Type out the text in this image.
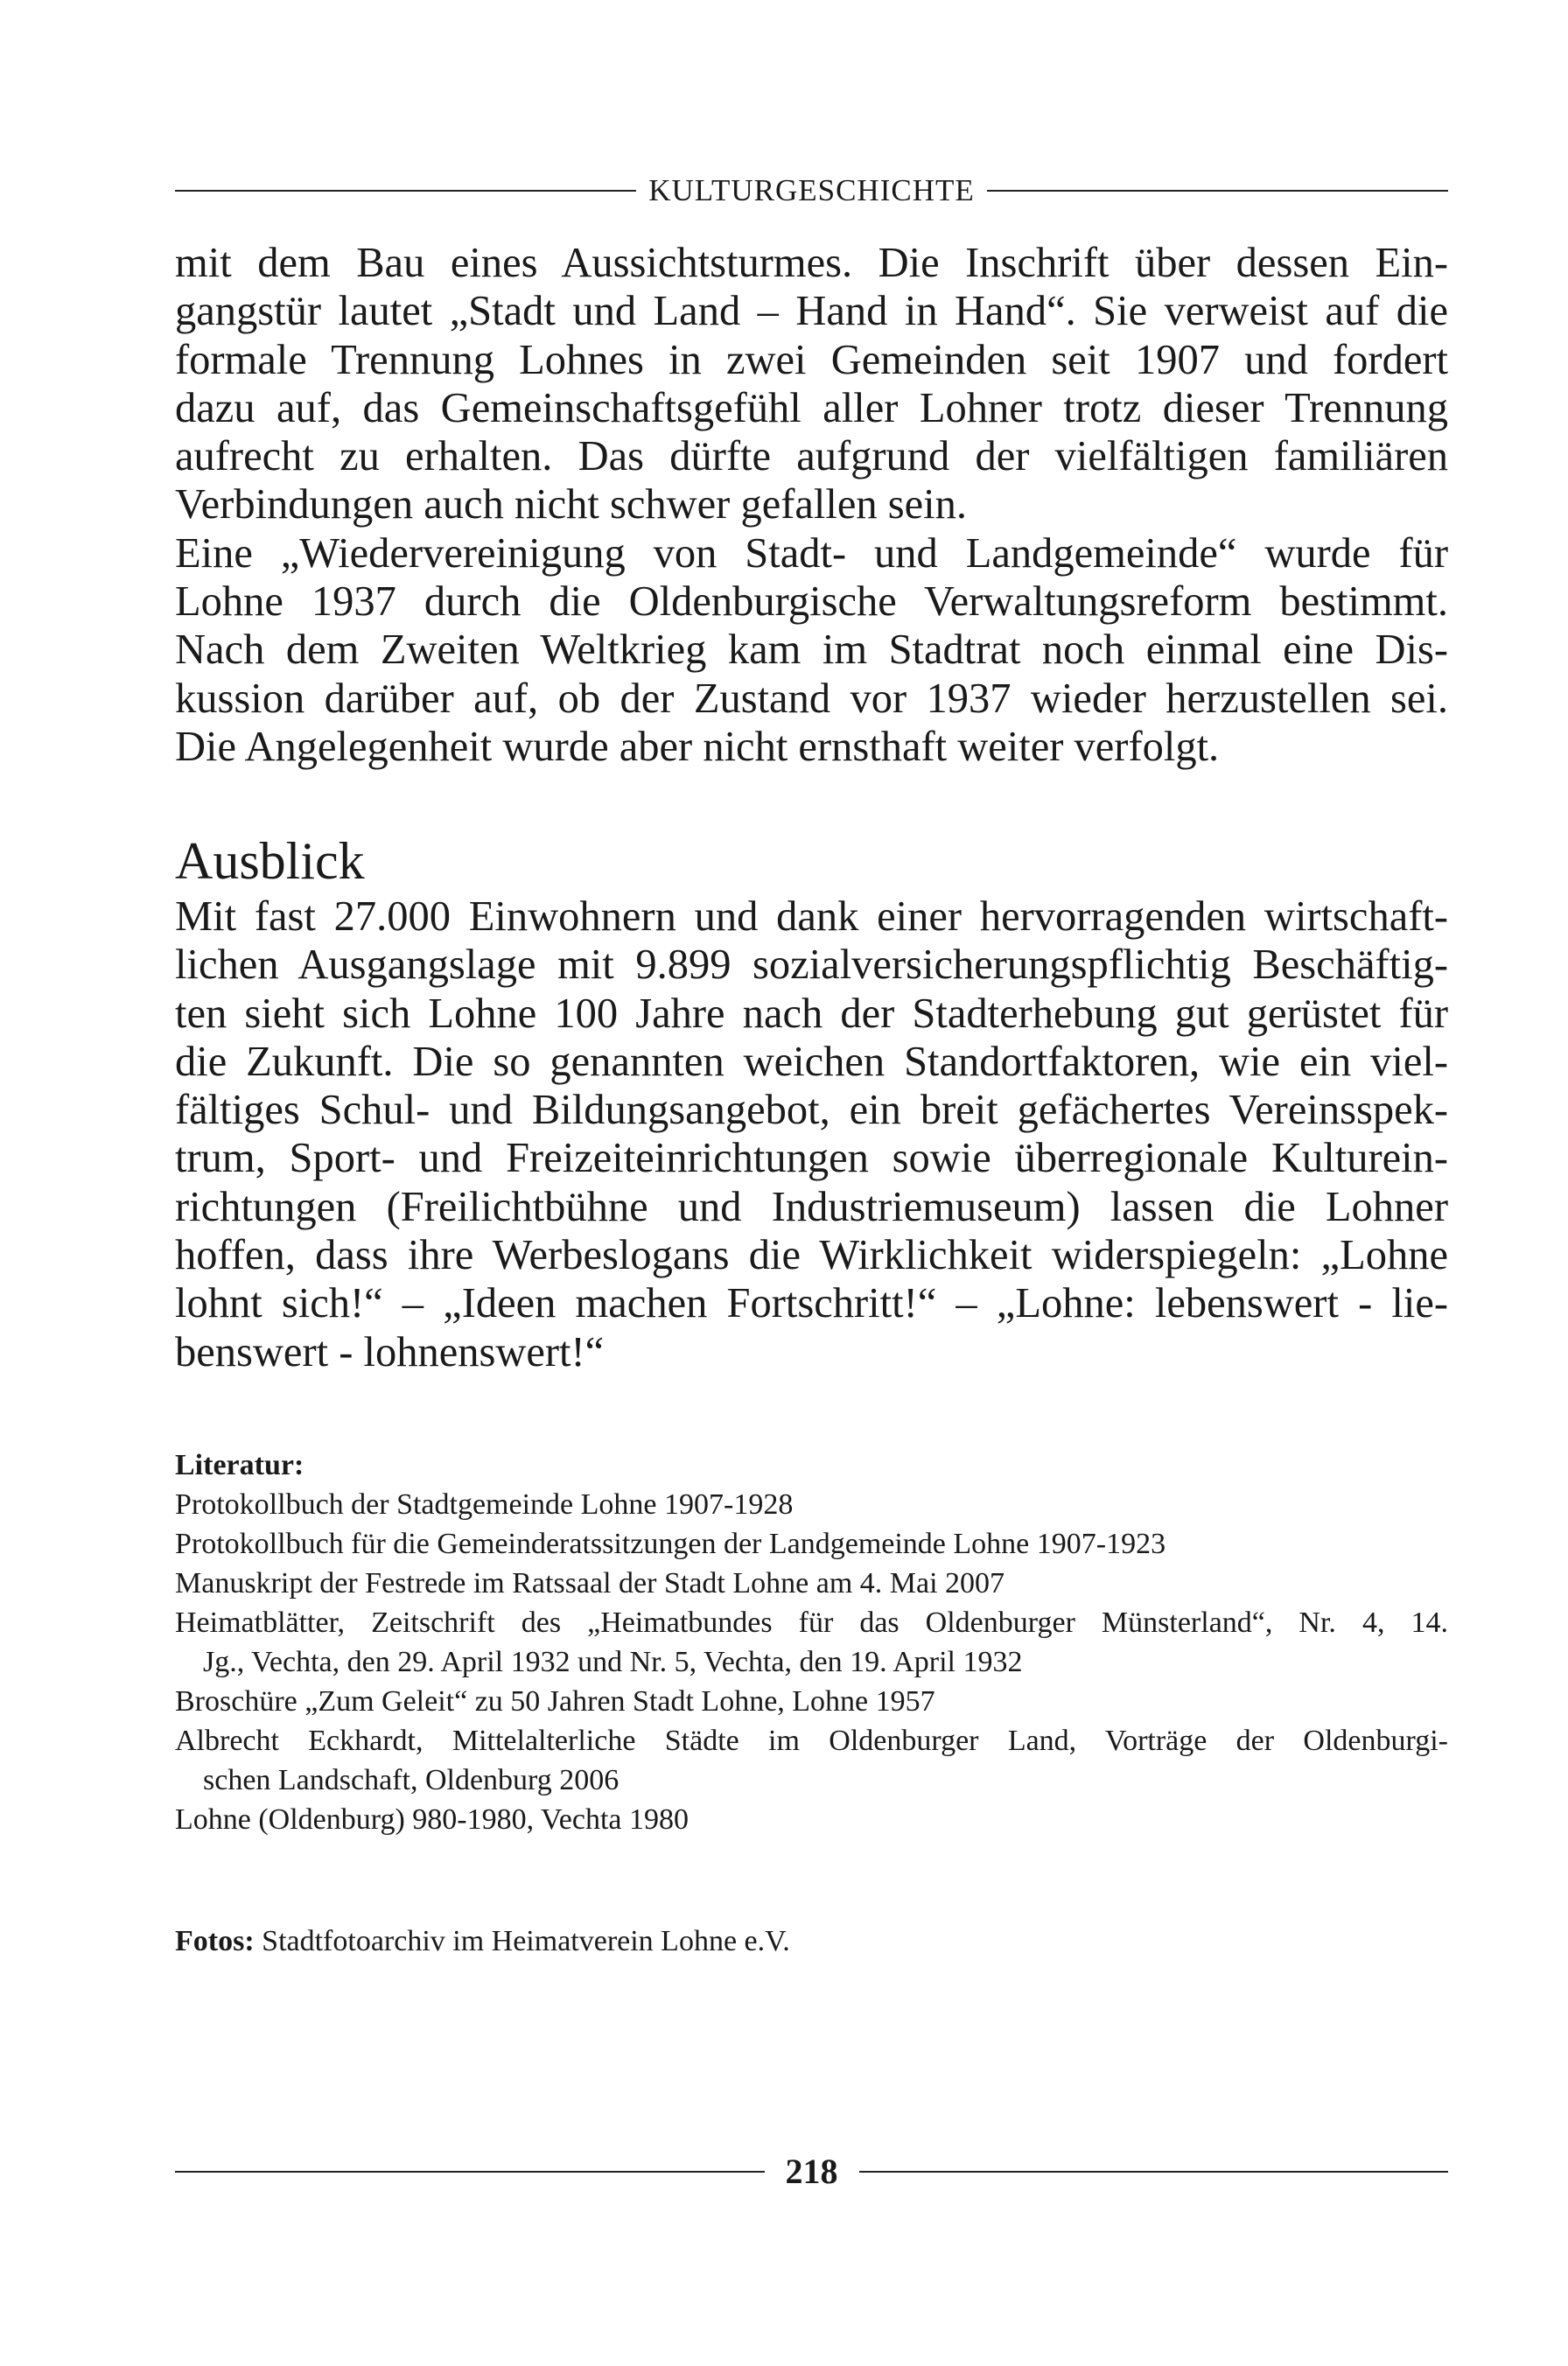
KULTURGESCHICHTE
mit dem Bau eines Aussichtsturmes. Die Inschrift über dessen Ein-
gangstür lautet „Stadt und Land – Hand in Hand“. Sie verweist auf die
formale Trennung Lohnes in zwei Gemeinden seit 1907 und fordert
dazu auf, das Gemeinschaftsgefühl aller Lohner trotz dieser Trennung
aufrecht zu erhalten. Das dürfte aufgrund der vielfältigen familiären
Verbindungen auch nicht schwer gefallen sein.
Eine „Wiedervereinigung von Stadt- und Landgemeinde“ wurde für
Lohne 1937 durch die Oldenburgische Verwaltungsreform bestimmt.
Nach dem Zweiten Weltkrieg kam im Stadtrat noch einmal eine Dis-
kussion darüber auf, ob der Zustand vor 1937 wieder herzustellen sei.
Die Angelegenheit wurde aber nicht ernsthaft weiter verfolgt.
Ausblick
Mit fast 27.000 Einwohnern und dank einer hervorragenden wirtschaft-
lichen Ausgangslage mit 9.899 sozialversicherungspflichtig Beschäftig-
ten sieht sich Lohne 100 Jahre nach der Stadterhebung gut gerüstet für
die Zukunft. Die so genannten weichen Standortfaktoren, wie ein viel-
fältiges Schul- und Bildungsangebot, ein breit gefächertes Vereinsspek-
trum, Sport- und Freizeiteinrichtungen sowie überregionale Kulturein-
richtungen (Freilichtbühne und Industriemuseum) lassen die Lohner
hoffen, dass ihre Werbeslogans die Wirklichkeit widerspiegeln: „Lohne
lohnt sich!“ – „Ideen machen Fortschritt!“ – „Lohne: lebenswert - lie-
benswert - lohnenswert!“
Literatur:
Protokollbuch der Stadtgemeinde Lohne 1907-1928
Protokollbuch für die Gemeinderatssitzungen der Landgemeinde Lohne 1907-1923
Manuskript der Festrede im Ratssaal der Stadt Lohne am 4. Mai 2007
Heimatblätter, Zeitschrift des „Heimatbundes für das Oldenburger Münsterland“, Nr. 4, 14.
Jg., Vechta, den 29. April 1932 und Nr. 5, Vechta, den 19. April 1932
Broschüre „Zum Geleit“ zu 50 Jahren Stadt Lohne, Lohne 1957
Albrecht Eckhardt, Mittelalterliche Städte im Oldenburger Land, Vorträge der Oldenburgi-
schen Landschaft, Oldenburg 2006
Lohne (Oldenburg) 980-1980, Vechta 1980
Fotos: Stadtfotoarchiv im Heimatverein Lohne e.V.
218
